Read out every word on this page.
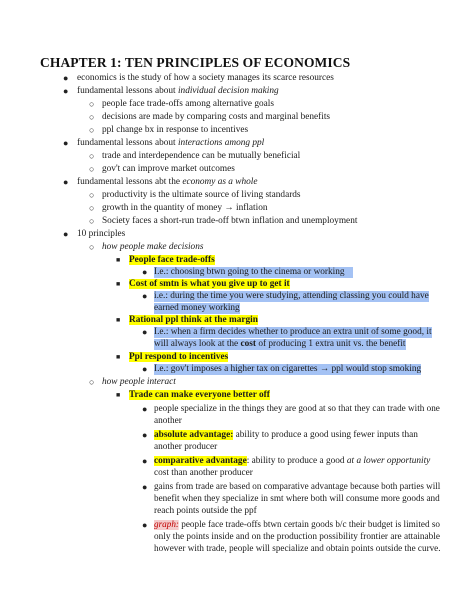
CHAPTER 1: TEN PRINCIPLES OF ECONOMICS
● economics is the study of how a society manages its scarce resources
● fundamental lessons about individual decision making
○ people face trade-offs among alternative goals
○ decisions are made by comparing costs and marginal benefits
○ ppl change bx in response to incentives
● fundamental lessons about interactions among ppl
○ trade and interdependence can be mutually beneficial
○ gov't can improve market outcomes
● fundamental lessons abt the economy as a whole
○ productivity is the ultimate source of living standards
○ growth in the quantity of money → inflation
○ Society faces a short-run trade-off btwn inflation and unemployment
● 10 principles
○ how people make decisions
■ People face trade-offs
● I.e.: choosing btwn going to the cinema or working
■ Cost of smtn is what you give up to get it
● i.e.: during the time you were studying, attending classing you could have
earned money working
■ Rational ppl think at the margin
● I.e.: when a firm decides whether to produce an extra unit of some good, it
will always look at the cost of producing 1 extra unit vs. the benefit
■ Ppl respond to incentives
● I.e.: gov't imposes a higher tax on cigarettes → ppl would stop smoking
○ how people interact
■ Trade can make everyone better off
● people specialize in the things they are good at so that they can trade with one
another
● absolute advantage: ability to produce a good using fewer inputs than
another producer
● comparative advantage: ability to produce a good at a lower opportunity
cost than another producer
● gains from trade are based on comparative advantage because both parties will
benefit when they specialize in smt where both will consume more goods and
reach points outside the ppf
● graph: people face trade-offs btwn certain goods b/c their budget is limited so
only the points inside and on the production possibility frontier are attainable
however with trade, people will specialize and obtain points outside the curve.
